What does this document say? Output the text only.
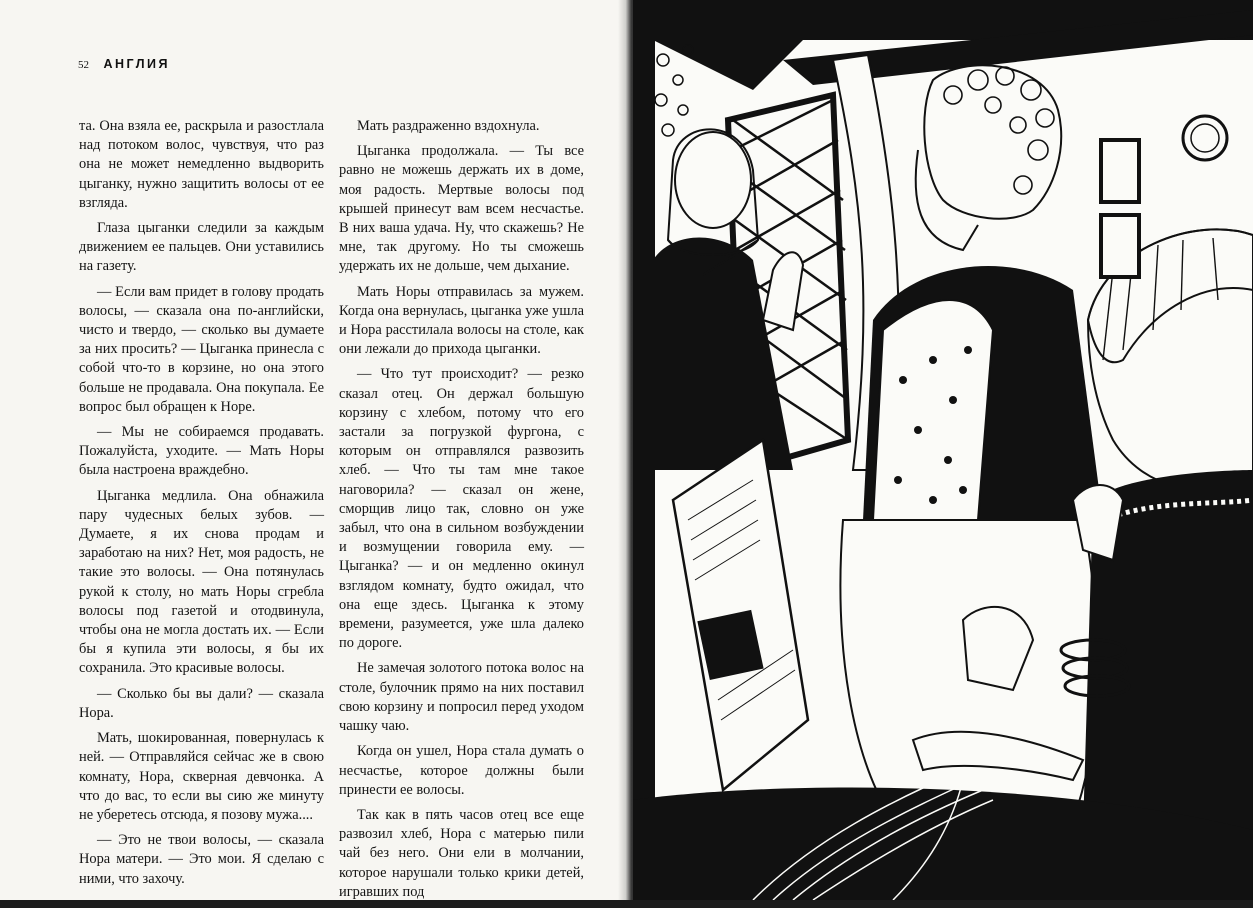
52 АНГЛИЯ

та. Она взяла ее, раскрыла и разостлала над потоком волос, чувствуя, что раз она не может немедленно выдворить цыганку, нужно защитить волосы от ее взгляда.

Глаза цыганки следили за каждым движением ее пальцев. Они уставились на газету.

— Если вам придет в голову продать волосы, — сказала она по-английски, чисто и твердо, — сколько вы думаете за них просить? — Цыганка принесла с собой что-то в корзине, но она этого больше не продавала. Она покупала. Ее вопрос был обращен к Норе.

— Мы не собираемся продавать. Пожалуйста, уходите. — Мать Норы была настроена враждебно.

Цыганка медлила. Она обнажила пару чудесных белых зубов. — Думаете, я их снова продам и заработаю на них? Нет, моя радость, не такие это волосы. — Она потянулась рукой к столу, но мать Норы сгребла волосы под газетой и отодвинула, чтобы она не могла достать их. — Если бы я купила эти волосы, я бы их сохранила. Это красивые волосы.

— Сколько бы вы дали? — сказала Нора.

Мать, шокированная, повернулась к ней. — Отправляйся сейчас же в свою комнату, Нора, скверная девчонка. А что до вас, то если вы сию же минуту не уберетесь отсюда, я позову мужа....

— Это не твои волосы, — сказала Нора матери. — Это мои. Я сделаю с ними, что захочу.

Мать раздраженно вздохнула.

Цыганка продолжала. — Ты все равно не можешь держать их в доме, моя радость. Мертвые волосы под крышей принесут вам всем несчастье. В них ваша удача. Ну, что скажешь? Не мне, так другому. Но ты сможешь удержать их не дольше, чем дыхание.

Мать Норы отправилась за мужем. Когда она вернулась, цыганка уже ушла и Нора расстилала волосы на столе, как они лежали до прихода цыганки.

— Что тут происходит? — резко сказал отец. Он держал большую корзину с хлебом, потому что его застали за погрузкой фургона, с которым он отправлялся развозить хлеб. — Что ты там мне такое наговорила? — сказал он жене, сморщив лицо так, словно он уже забыл, что она в сильном возбуждении и возмущении говорила ему. — Цыганка? — и он медленно окинул взглядом комнату, будто ожидал, что она еще здесь. Цыганка к этому времени, разумеется, уже шла далеко по дороге.

Не замечая золотого потока волос на столе, булочник прямо на них поставил свою корзину и попросил перед уходом чашку чаю.

Когда он ушел, Нора стала думать о несчастье, которое должны были принести ее волосы.

Так как в пять часов отец все еще развозил хлеб, Нора с матерью пили чай без него. Они ели в молчании, которое нарушали только крики детей, игравших под
